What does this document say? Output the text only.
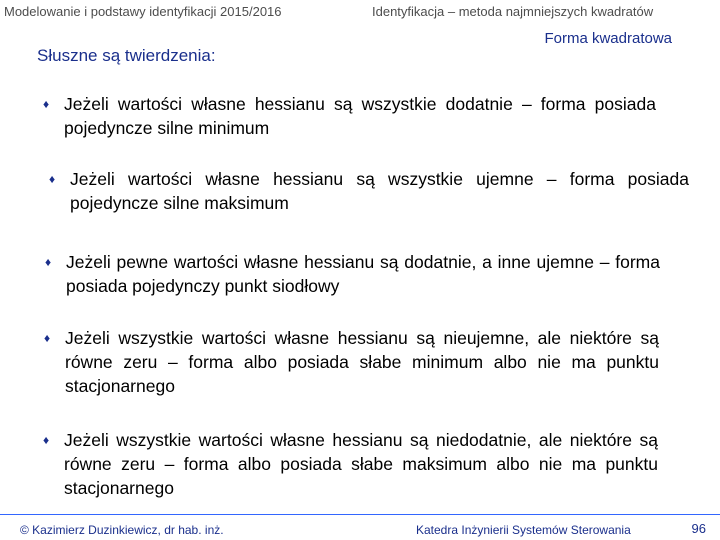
Modelowanie i podstawy identyfikacji 2015/2016	Identyfikacja – metoda najmniejszych kwadratów
Forma kwadratowa
Słuszne są twierdzenia:
♦ Jeżeli wartości własne hessianu są wszystkie dodatnie – forma posiada pojedyncze silne minimum
♦ Jeżeli wartości własne hessianu są wszystkie ujemne – forma posiada pojedyncze silne maksimum
♦ Jeżeli pewne wartości własne hessianu są dodatnie, a inne ujemne – forma posiada pojedynczy punkt siodłowy
♦ Jeżeli wszystkie wartości własne hessianu są nieujemne, ale niektóre są równe zeru – forma albo posiada słabe minimum albo nie ma punktu stacjonarnego
♦ Jeżeli wszystkie wartości własne hessianu są niedodatnie, ale niektóre są równe zeru – forma albo posiada słabe maksimum albo nie ma punktu stacjonarnego
© Kazimierz Duzinkiewicz, dr hab. inż.	Katedra Inżynierii Systemów Sterowania	96
